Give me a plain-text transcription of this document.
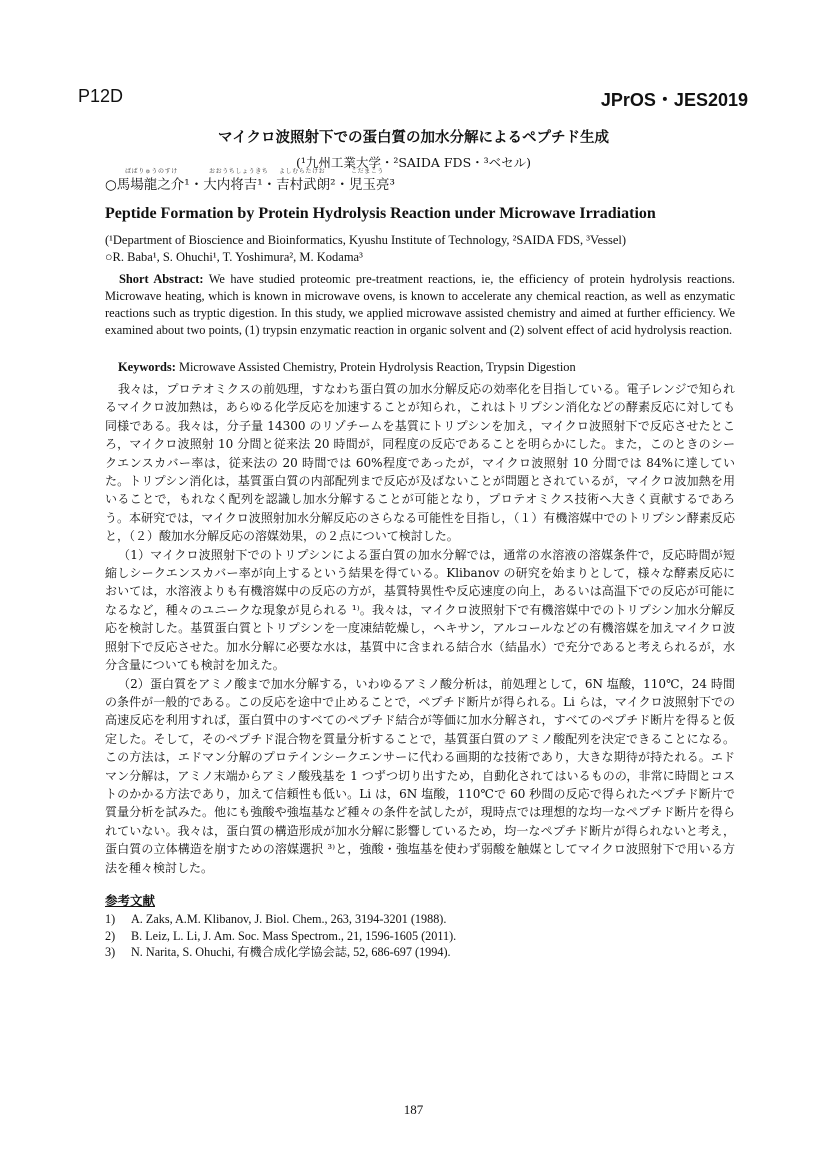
P12D	JPrOS・JES2019
マイクロ波照射下での蛋白質の加水分解によるペプチド生成
(¹九州工業大学・²SAIDA FDS・³ベセル)
ばばりゅうのすけ	おおうちしょうきち よしむらたけお	こだまこう
○馬場龍之介¹・大内将吉¹・吉村武朗²・児玉亮³
Peptide Formation by Protein Hydrolysis Reaction under Microwave Irradiation
(¹Department of Bioscience and Bioinformatics, Kyushu Institute of Technology, ²SAIDA FDS, ³Vessel)
○R. Baba¹, S. Ohuchi¹, T. Yoshimura², M. Kodama³
Short Abstract: We have studied proteomic pre-treatment reactions, ie, the efficiency of protein hydrolysis reactions. Microwave heating, which is known in microwave ovens, is known to accelerate any chemical reaction, as well as enzymatic reactions such as tryptic digestion. In this study, we applied microwave assisted chemistry and aimed at further efficiency. We examined about two points, (1) trypsin enzymatic reaction in organic solvent and (2) solvent effect of acid hydrolysis reaction.
Keywords: Microwave Assisted Chemistry, Protein Hydrolysis Reaction, Trypsin Digestion

我々は，プロテオミクスの前処理，すなわち蛋白質の加水分解反応の効率化を目指している。電子レンジで知られるマイクロ波加熱は，あらゆる化学反応を加速することが知られ，これはトリプシン消化などの酵素反応に対しても同様である。我々は，分子量 14300 のリゾチームを基質にトリプシンを加え，マイクロ波照射下で反応させたところ，マイクロ波照射 10 分間と従来法 20 時間が，同程度の反応であることを明らかにした。また，このときのシークエンスカバー率は，従来法の 20 時間では 60%程度であったが，マイクロ波照射 10 分間では 84%に達していた。トリプシン消化は，基質蛋白質の内部配列まで反応が及ばないことが問題とされているが，マイクロ波加熱を用いることで，もれなく配列を認識し加水分解することが可能となり，プロテオミクス技術へ大きく貢献するであろう。本研究では，マイクロ波照射加水分解反応のさらなる可能性を目指し，（１）有機溶媒中でのトリプシン酵素反応と，（２）酸加水分解反応の溶媒効果，の２点について検討した。

（1）マイクロ波照射下でのトリプシンによる蛋白質の加水分解では，通常の水溶液の溶媒条件で，反応時間が短縮しシークエンスカバー率が向上するという結果を得ている。Klibanov の研究を始まりとして，様々な酵素反応においては，水溶液よりも有機溶媒中の反応の方が，基質特異性や反応速度の向上，あるいは高温下での反応が可能になるなど，種々のユニークな現象が見られる ¹⁾。我々は，マイクロ波照射下で有機溶媒中でのトリプシン加水分解反応を検討した。基質蛋白質とトリプシンを一度凍結乾燥し，ヘキサン，アルコールなどの有機溶媒を加えマイクロ波照射下で反応させた。加水分解に必要な水は，基質中に含まれる結合水（結晶水）で充分であると考えられるが，水分含量についても検討を加えた。

（2）蛋白質をアミノ酸まで加水分解する，いわゆるアミノ酸分析は，前処理として，6N 塩酸，110℃，24 時間の条件が一般的である。この反応を途中で止めることで，ペプチド断片が得られる。Li らは，マイクロ波照射下での高速反応を利用すれば，蛋白質中のすべてのペプチド結合が等価に加水分解され，すべてのペプチド断片を得ると仮定した。そして，そのペプチド混合物を質量分析することで，基質蛋白質のアミノ酸配列を決定できることになる。この方法は，エドマン分解のプロテインシークエンサーに代わる画期的な技術であり，大きな期待が持たれる。エドマン分解は，アミノ末端からアミノ酸残基を 1 つずつ切り出すため，自動化されてはいるものの，非常に時間とコストのかかる方法であり，加えて信頼性も低い。Li は，6N 塩酸，110℃で 60 秒間の反応で得られたペプチド断片で質量分析を試みた。他にも強酸や強塩基など種々の条件を試したが，現時点では理想的な均一なペプチド断片を得られていない。我々は，蛋白質の構造形成が加水分解に影響しているため，均一なペプチド断片が得られないと考え，蛋白質の立体構造を崩すための溶媒選択 ³⁾と，強酸・強塩基を使わず弱酸を触媒としてマイクロ波照射下で用いる方法を種々検討した。

参考文献
1) A. Zaks, A.M. Klibanov, J. Biol. Chem., 263, 3194-3201 (1988).
2) B. Leiz, L. Li, J. Am. Soc. Mass Spectrom., 21, 1596-1605 (2011).
3) N. Narita, S. Ohuchi, 有機合成化学協会誌, 52, 686-697 (1994).
187
